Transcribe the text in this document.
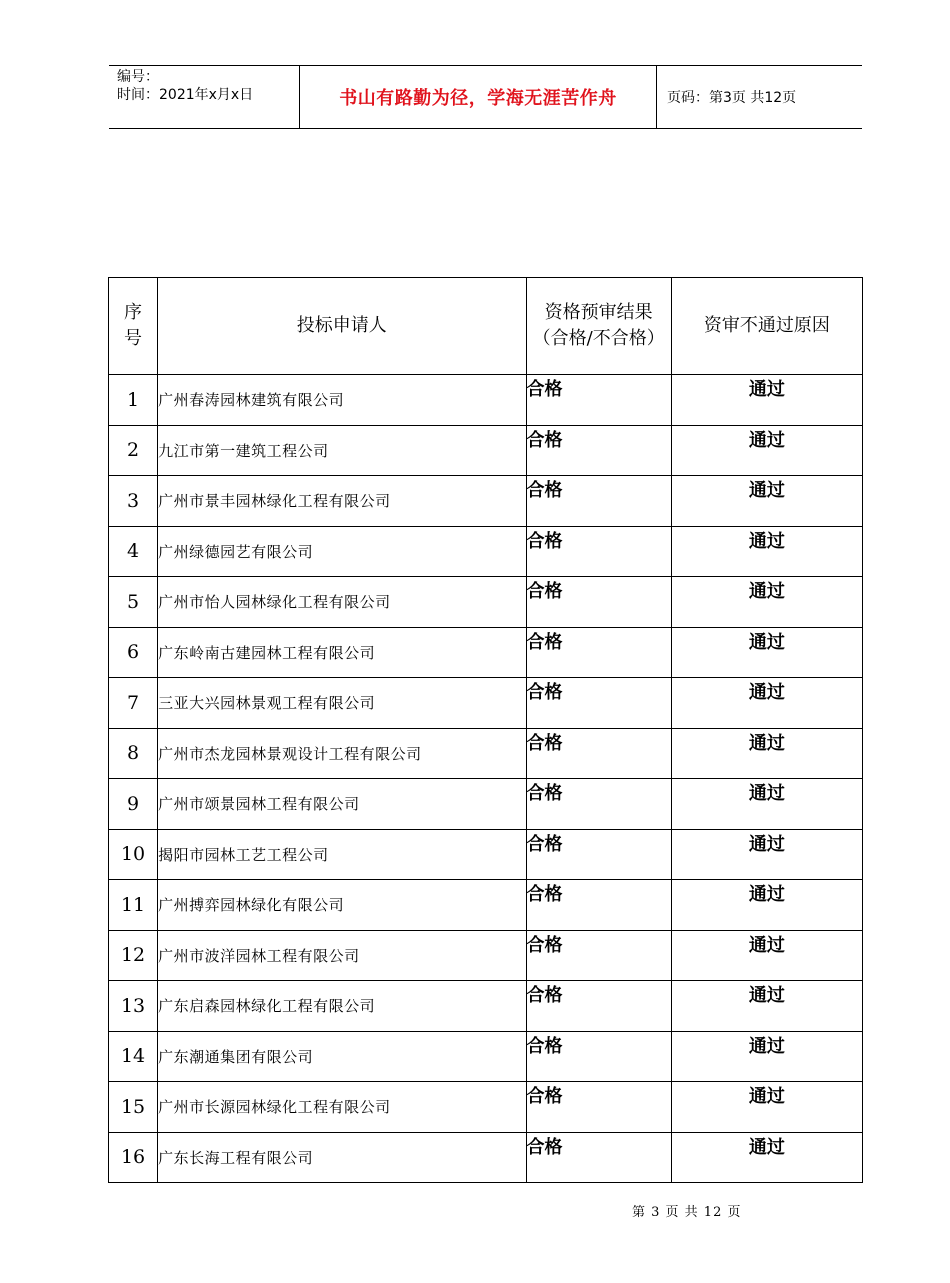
编号：
时间：2021年x月x日	书山有路勤为径，学海无涯苦作舟	页码：第3页 共12页
序号	投标申请人	资格预审结果（合格/不合格）	资审不通过原因
1	广州春涛园林建筑有限公司	合格	通过
2	九江市第一建筑工程公司	合格	通过
3	广州市景丰园林绿化工程有限公司	合格	通过
4	广州绿德园艺有限公司	合格	通过
5	广州市怡人园林绿化工程有限公司	合格	通过
6	广东岭南古建园林工程有限公司	合格	通过
7	三亚大兴园林景观工程有限公司	合格	通过
8	广州市杰龙园林景观设计工程有限公司	合格	通过
9	广州市颂景园林工程有限公司	合格	通过
10	揭阳市园林工艺工程公司	合格	通过
11	广州搏弈园林绿化有限公司	合格	通过
12	广州市波洋园林工程有限公司	合格	通过
13	广东启森园林绿化工程有限公司	合格	通过
14	广东潮通集团有限公司	合格	通过
15	广州市长源园林绿化工程有限公司	合格	通过
16	广东长海工程有限公司	合格	通过
第 3 页 共 12 页
